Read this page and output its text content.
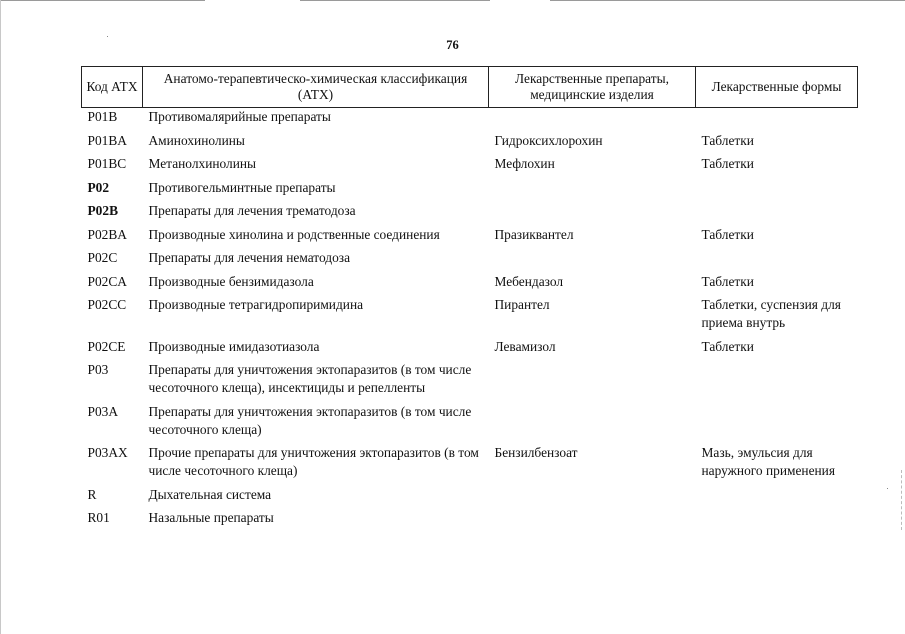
76
Код АТХ	Анатомо-терапевтическо-химическая классификация (АТХ)	Лекарственные препараты, медицинские изделия	Лекарственные формы
P01B	Противомалярийные препараты		
P01BA	Аминохинолины	Гидроксихлорохин	Таблетки
P01BC	Метанолхинолины	Мефлохин	Таблетки
P02	Противогельминтные препараты		
P02B	Препараты для лечения трематодоза		
P02BA	Производные хинолина и родственные соединения	Празиквантел	Таблетки
P02C	Препараты для лечения нематодоза		
P02CA	Производные бензимидазола	Мебендазол	Таблетки
P02CC	Производные тетрагидропиримидина	Пирантел	Таблетки, суспензия для приема внутрь
P02CE	Производные имидазотиазола	Левамизол	Таблетки
P03	Препараты для уничтожения эктопаразитов (в том числе чесоточного клеща), инсектициды и репелленты		
P03A	Препараты для уничтожения эктопаразитов (в том числе чесоточного клеща)		
P03AX	Прочие препараты для уничтожения эктопаразитов (в том числе чесоточного клеща)	Бензилбензоат	Мазь, эмульсия для наружного применения
R	Дыхательная система		
R01	Назальные препараты		
